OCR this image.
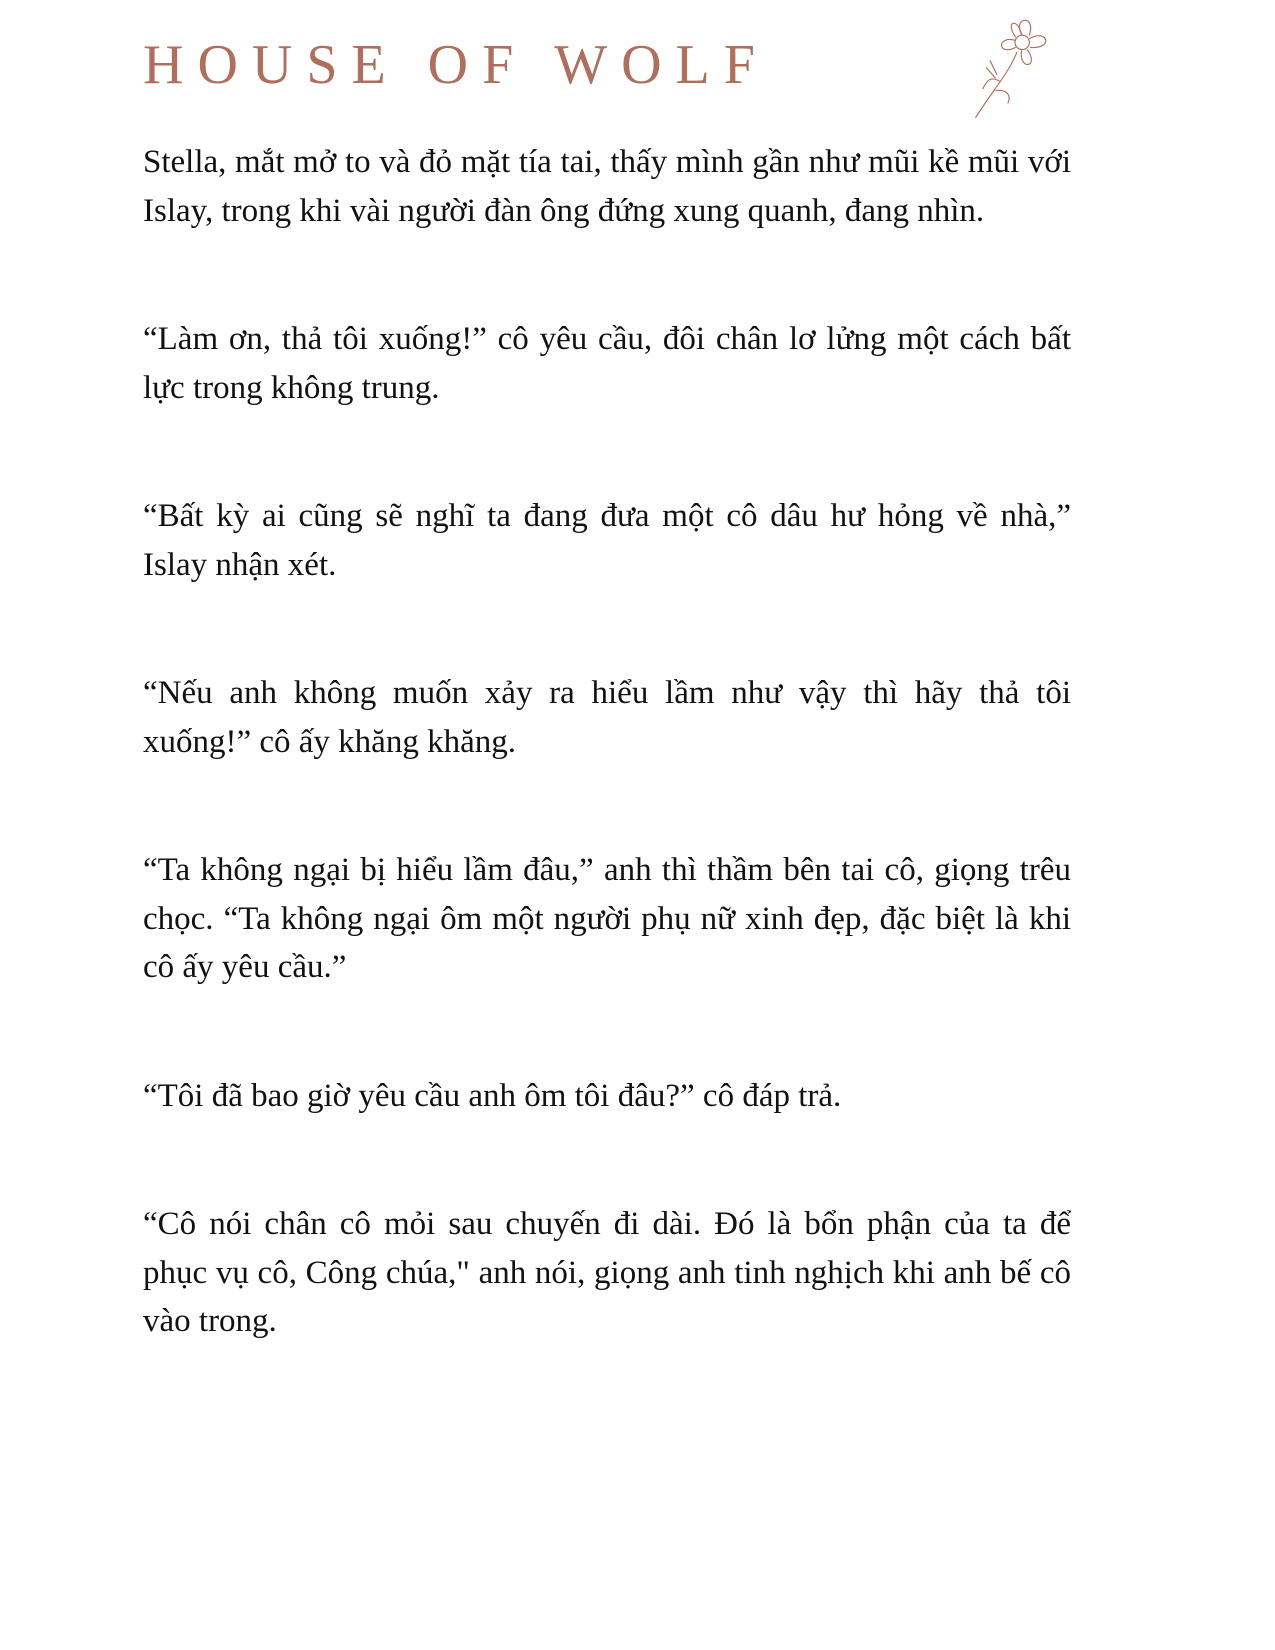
HOUSE OF WOLF

Stella, mắt mở to và đỏ mặt tía tai, thấy mình gần như mũi kề mũi với Islay, trong khi vài người đàn ông đứng xung quanh, đang nhìn.

“Làm ơn, thả tôi xuống!” cô yêu cầu, đôi chân lơ lửng một cách bất lực trong không trung.

“Bất kỳ ai cũng sẽ nghĩ ta đang đưa một cô dâu hư hỏng về nhà,” Islay nhận xét.

“Nếu anh không muốn xảy ra hiểu lầm như vậy thì hãy thả tôi xuống!” cô ấy khăng khăng.

“Ta không ngại bị hiểu lầm đâu,” anh thì thầm bên tai cô, giọng trêu chọc. “Ta không ngại ôm một người phụ nữ xinh đẹp, đặc biệt là khi cô ấy yêu cầu.”

“Tôi đã bao giờ yêu cầu anh ôm tôi đâu?” cô đáp trả.

“Cô nói chân cô mỏi sau chuyến đi dài. Đó là bổn phận của ta để phục vụ cô, Công chúa," anh nói, giọng anh tinh nghịch khi anh bế cô vào trong.
